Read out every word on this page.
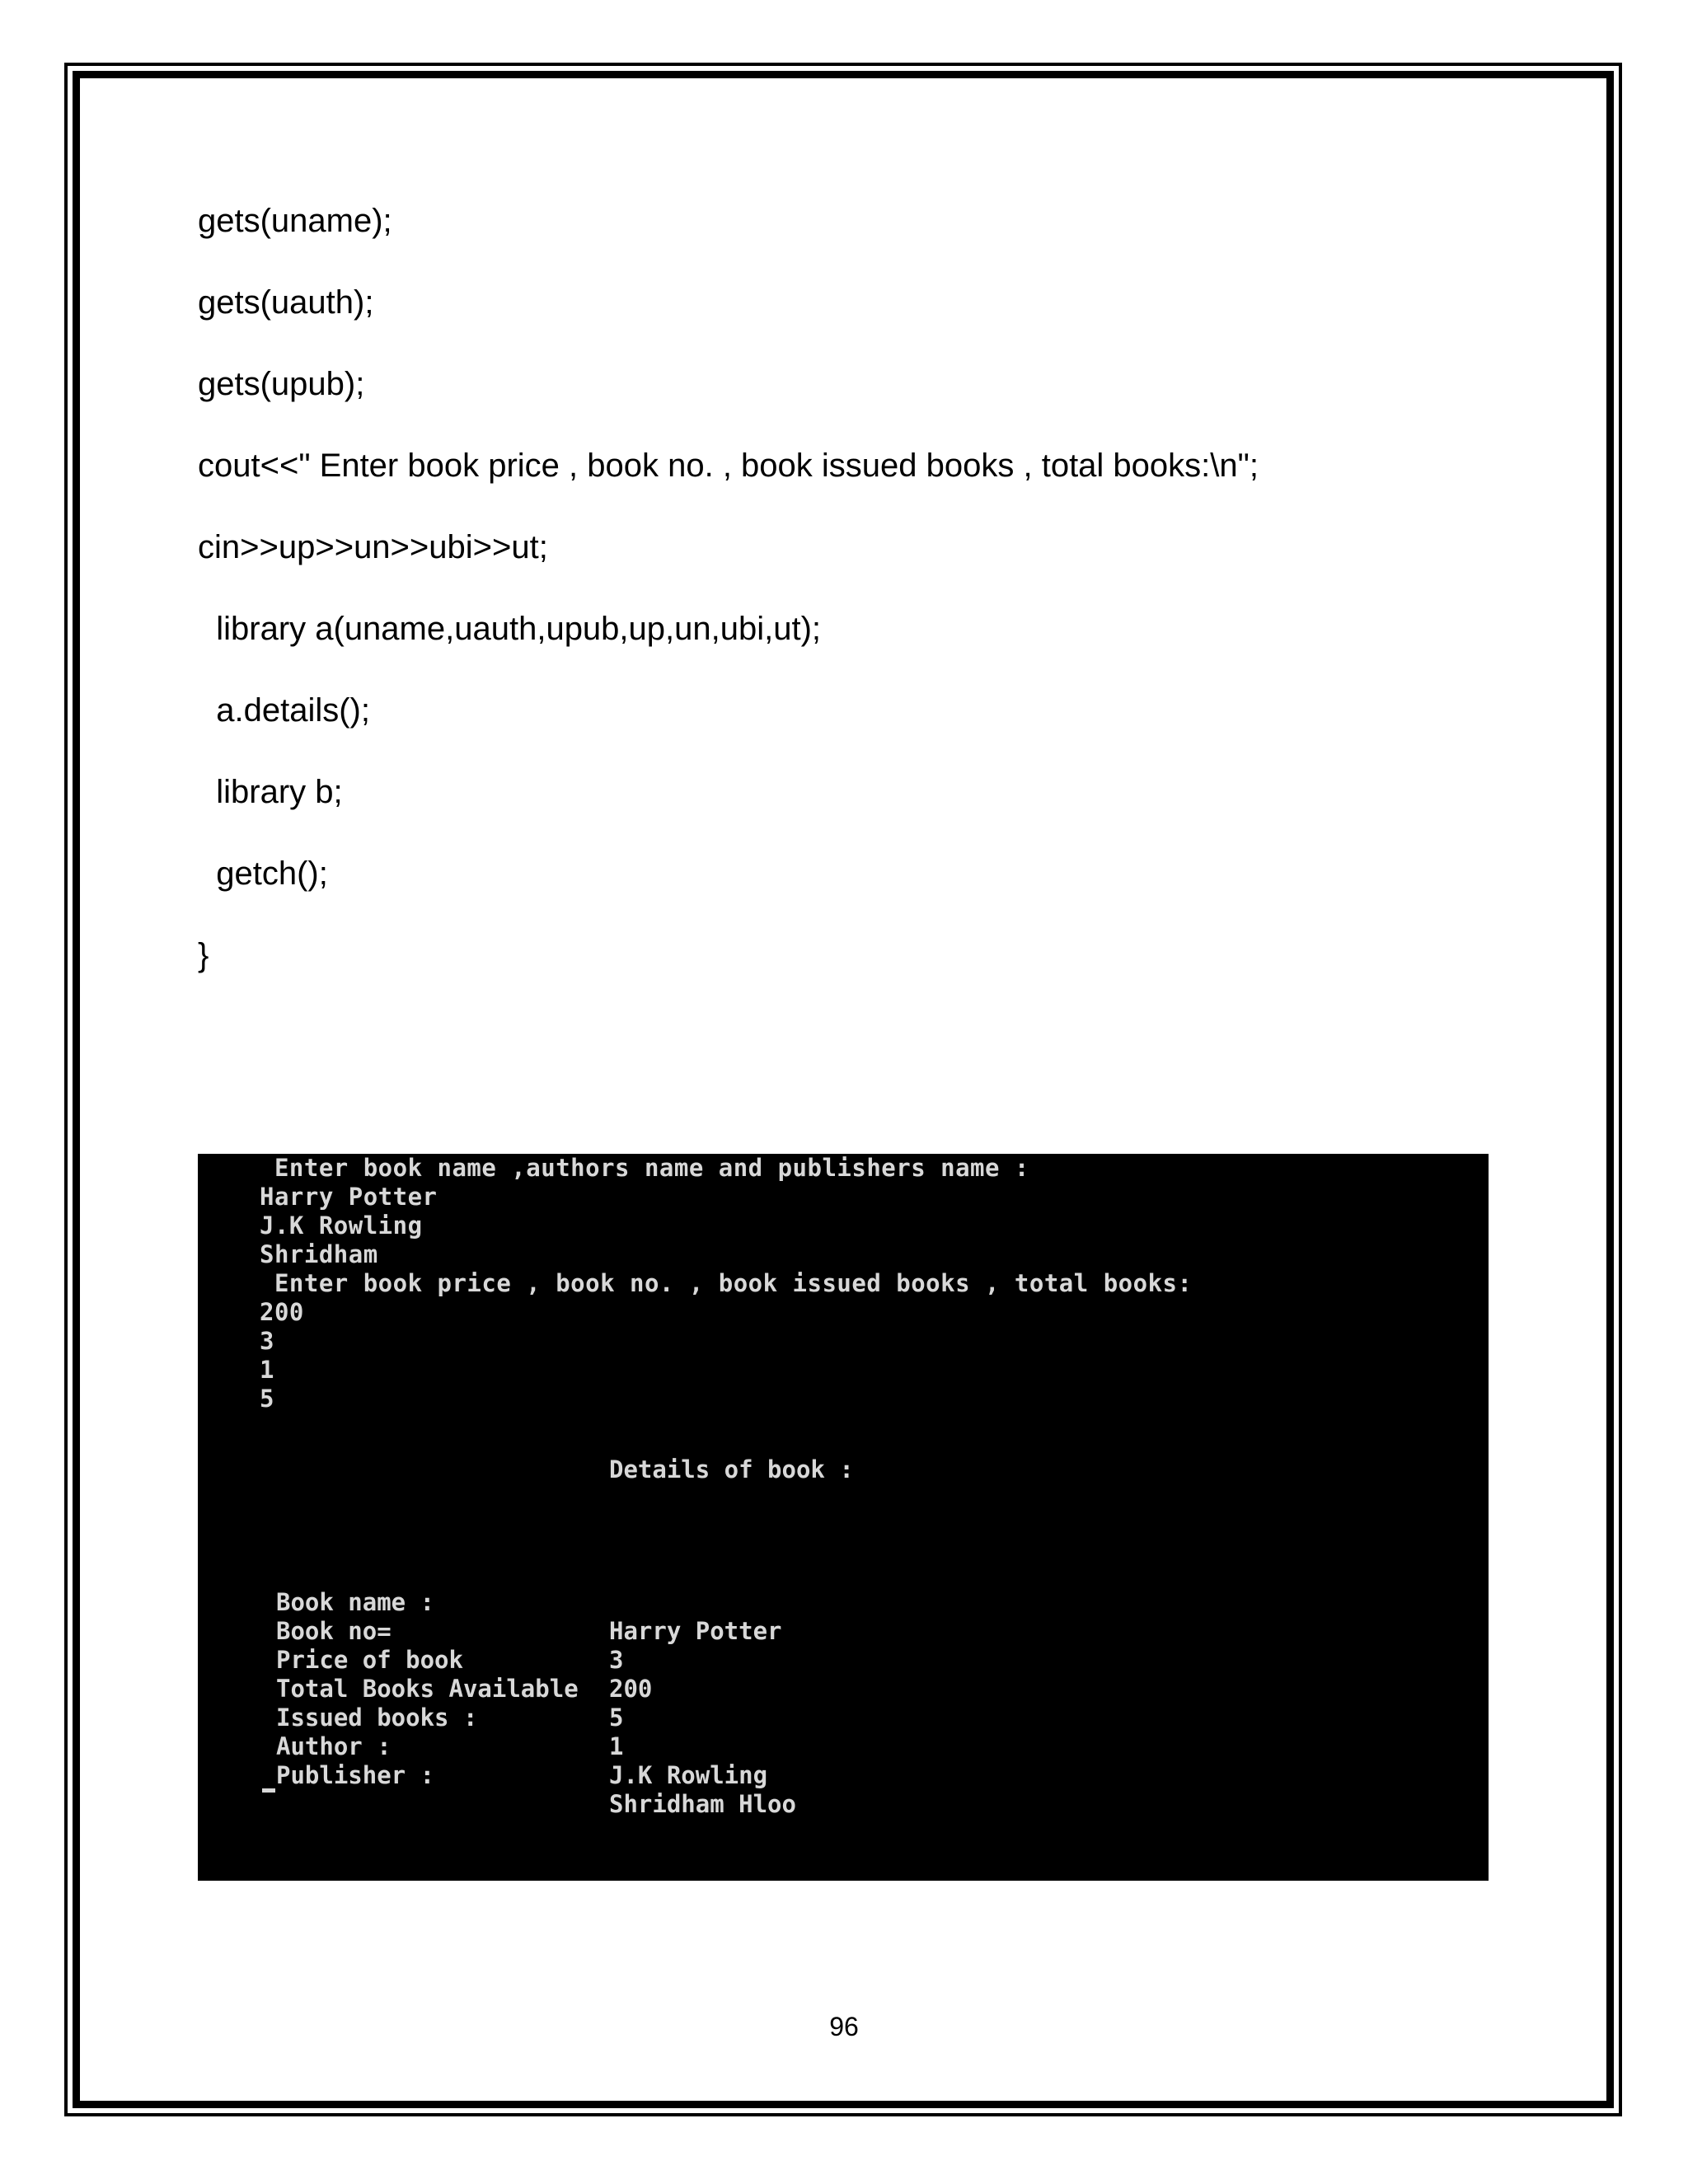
gets(uname);
gets(uauth);
gets(upub);
cout<<" Enter book price , book no. , book issued books , total books:\n";
cin>>up>>un>>ubi>>ut;
library a(uname,uauth,upub,up,un,ubi,ut);
a.details();
library b;
getch();
}
Enter book name ,authors name and publishers name :
Harry Potter
J.K Rowling
Shridham
Enter book price , book no. , book issued books , total books:
200
3
1
5
Details of book :

Book name :

Harry Potter

Book no=

3

Price of book

200

Total Books Available

5

Issued books :

1

Author :

J.K Rowling

Publisher :

Shridham Hloo

96
